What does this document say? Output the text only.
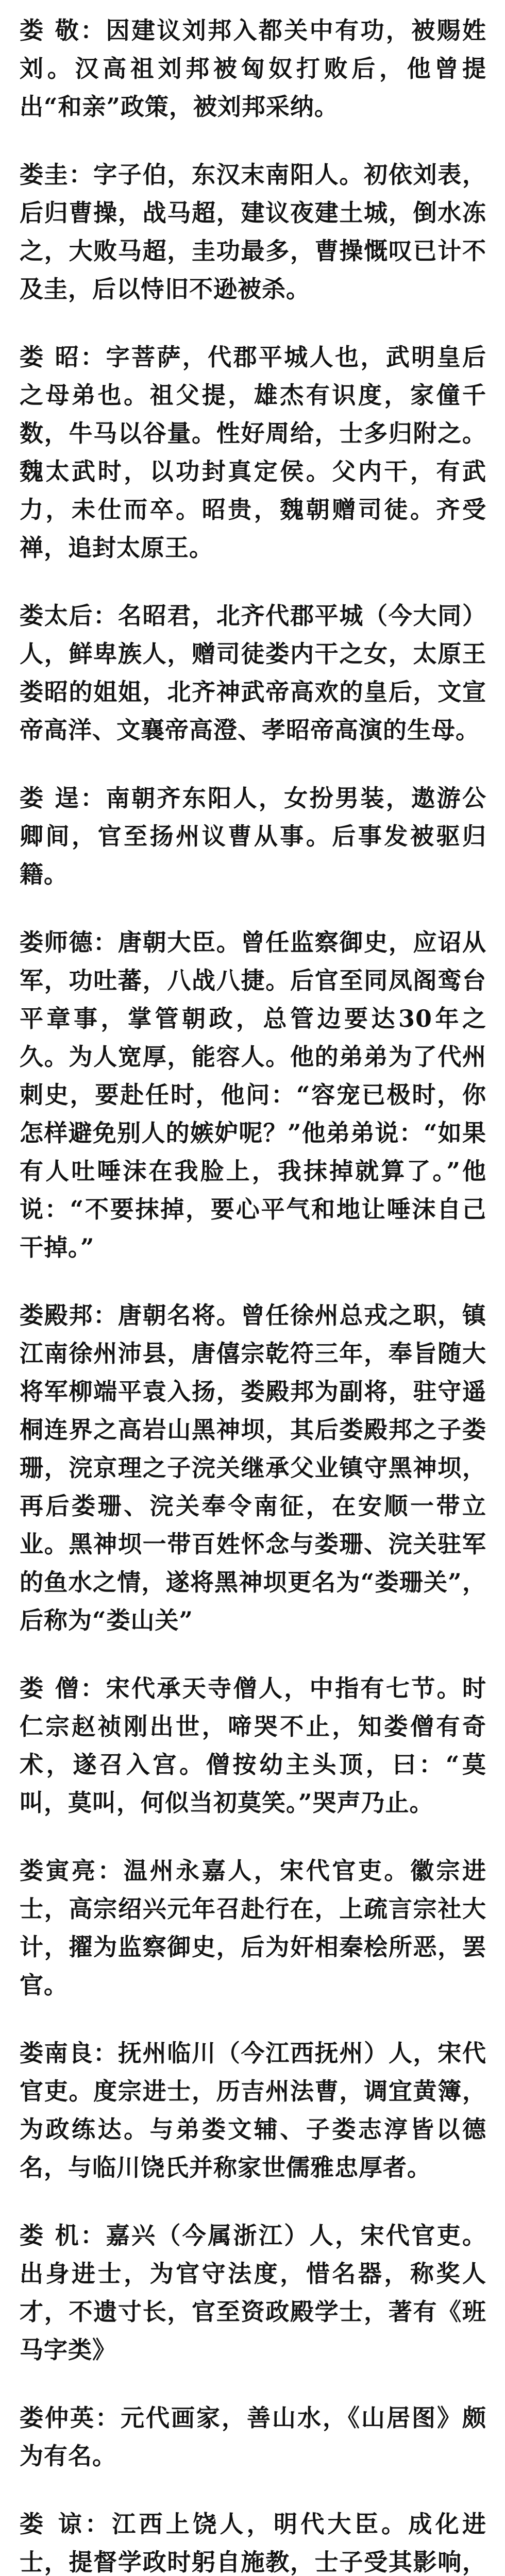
娄 敬：因建议刘邦入都关中有功，被赐姓刘。汉高祖刘邦被匈奴打败后，他曾提出“和亲”政策，被刘邦采纳。
娄圭：字子伯，东汉末南阳人。初依刘表，后归曹操，战马超，建议夜建土城，倒水冻之，大败马超，圭功最多，曹操慨叹已计不及圭，后以恃旧不逊被杀。
娄 昭：字菩萨，代郡平城人也，武明皇后之母弟也。祖父提，雄杰有识度，家僮千数，牛马以谷量。性好周给，士多归附之。魏太武时，以功封真定侯。父内干，有武力，未仕而卒。昭贵，魏朝赠司徒。齐受禅，追封太原王。
娄太后：名昭君，北齐代郡平城（今大同）人，鲜卑族人，赠司徒娄内干之女，太原王娄昭的姐姐，北齐神武帝高欢的皇后，文宣帝高洋、文襄帝高澄、孝昭帝高演的生母。
娄 逞：南朝齐东阳人，女扮男装，遨游公卿间，官至扬州议曹从事。后事发被驱归籍。
娄师德：唐朝大臣。曾任监察御史，应诏从军，功吐蕃，八战八捷。后官至同凤阁鸾台平章事，掌管朝政，总管边要达30年之久。为人宽厚，能容人。他的弟弟为了代州刺史，要赴任时，他问：“容宠已极时，你怎样避免别人的嫉妒呢？”他弟弟说：“如果有人吐唾沫在我脸上，我抹掉就算了。”他说：“不要抹掉，要心平气和地让唾沫自己干掉。”
娄殿邦：唐朝名将。曾任徐州总戎之职，镇江南徐州沛县，唐僖宗乾符三年，奉旨随大将军柳端平袁入扬，娄殿邦为副将，驻守遥桐连界之高岩山黑神坝，其后娄殿邦之子娄珊，浣京理之子浣关继承父业镇守黑神坝，再后娄珊、浣关奉令南征，在安顺一带立业。黑神坝一带百姓怀念与娄珊、浣关驻军的鱼水之情，遂将黑神坝更名为“娄珊关”，后称为“娄山关”
娄 僧：宋代承天寺僧人，中指有七节。时仁宗赵祯刚出世，啼哭不止，知娄僧有奇术，遂召入宫。僧按幼主头顶，曰：“莫叫，莫叫，何似当初莫笑。”哭声乃止。
娄寅亮：温州永嘉人，宋代官吏。徽宗进士，高宗绍兴元年召赴行在，上疏言宗社大计，擢为监察御史，后为奸相秦桧所恶，罢官。
娄南良：抚州临川（今江西抚州）人，宋代官吏。度宗进士，历吉州法曹，调宜黄簿，为政练达。与弟娄文辅、子娄志淳皆以德名，与临川饶氏并称家世儒雅忠厚者。
娄 机：嘉兴（今属浙江）人，宋代官吏。出身进士，为官守法度，惜名器，称奖人才，不遗寸长，官至资政殿学士，著有《班马字类》
娄仲英：元代画家，善山水，《山居图》颇为有名。
娄 谅：江西上饶人，明代大臣。成化进士，提督学政时躬自施教，士子受其影响，
